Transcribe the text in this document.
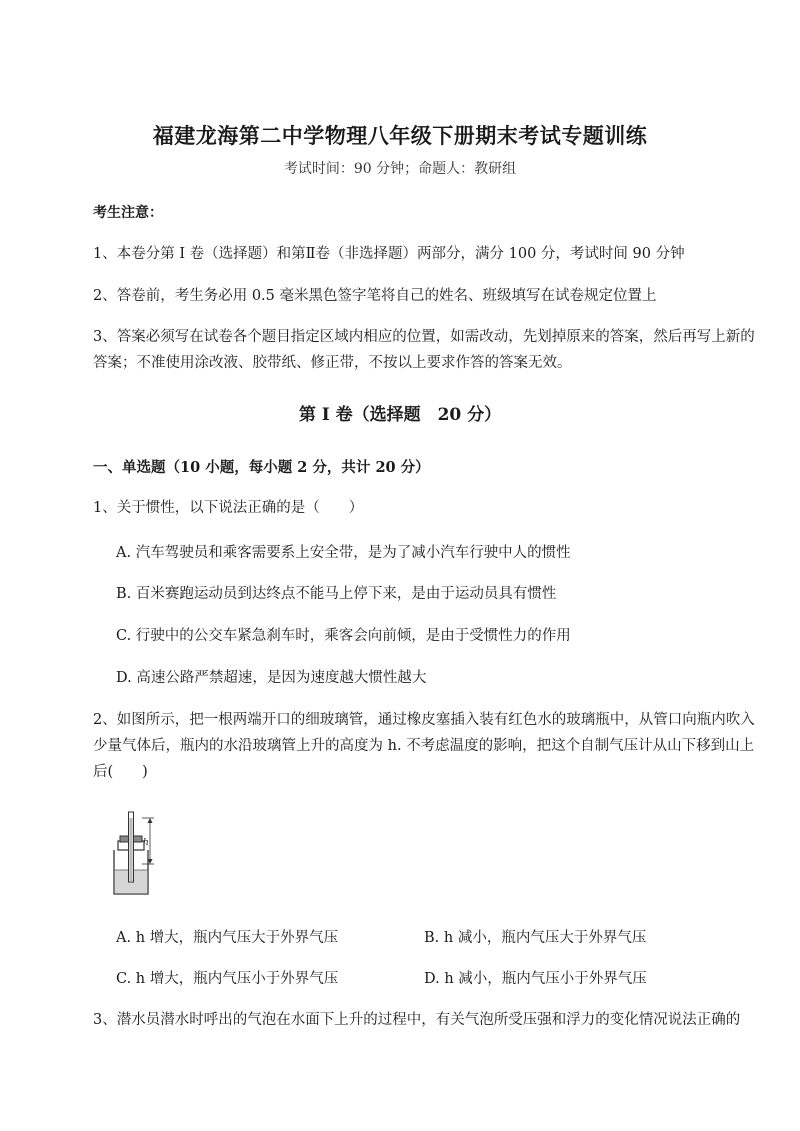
福建龙海第二中学物理八年级下册期末考试专题训练
考试时间：90 分钟；命题人：教研组
考生注意：
1、本卷分第 I 卷（选择题）和第Ⅱ卷（非选择题）两部分，满分 100 分，考试时间 90 分钟
2、答卷前，考生务必用 0.5 毫米黑色签字笔将自己的姓名、班级填写在试卷规定位置上
3、答案必须写在试卷各个题目指定区域内相应的位置，如需改动，先划掉原来的答案，然后再写上新的答案；不准使用涂改液、胶带纸、修正带，不按以上要求作答的答案无效。
第 I 卷（选择题　20 分）
一、单选题（10 小题，每小题 2 分，共计 20 分）
1、关于惯性，以下说法正确的是（　　）
A. 汽车驾驶员和乘客需要系上安全带，是为了减小汽车行驶中人的惯性
B. 百米赛跑运动员到达终点不能马上停下来，是由于运动员具有惯性
C. 行驶中的公交车紧急刹车时，乘客会向前倾，是由于受惯性力的作用
D. 高速公路严禁超速，是因为速度越大惯性越大
2、如图所示，把一根两端开口的细玻璃管，通过橡皮塞插入装有红色水的玻璃瓶中，从管口向瓶内吹入少量气体后，瓶内的水沿玻璃管上升的高度为 h. 不考虑温度的影响，把这个自制气压计从山下移到山上后(　　)
h
A. h 增大，瓶内气压大于外界气压	B. h 减小，瓶内气压大于外界气压
C. h 增大，瓶内气压小于外界气压	D. h 减小，瓶内气压小于外界气压
3、潜水员潜水时呼出的气泡在水面下上升的过程中，有关气泡所受压强和浮力的变化情况说法正确的
